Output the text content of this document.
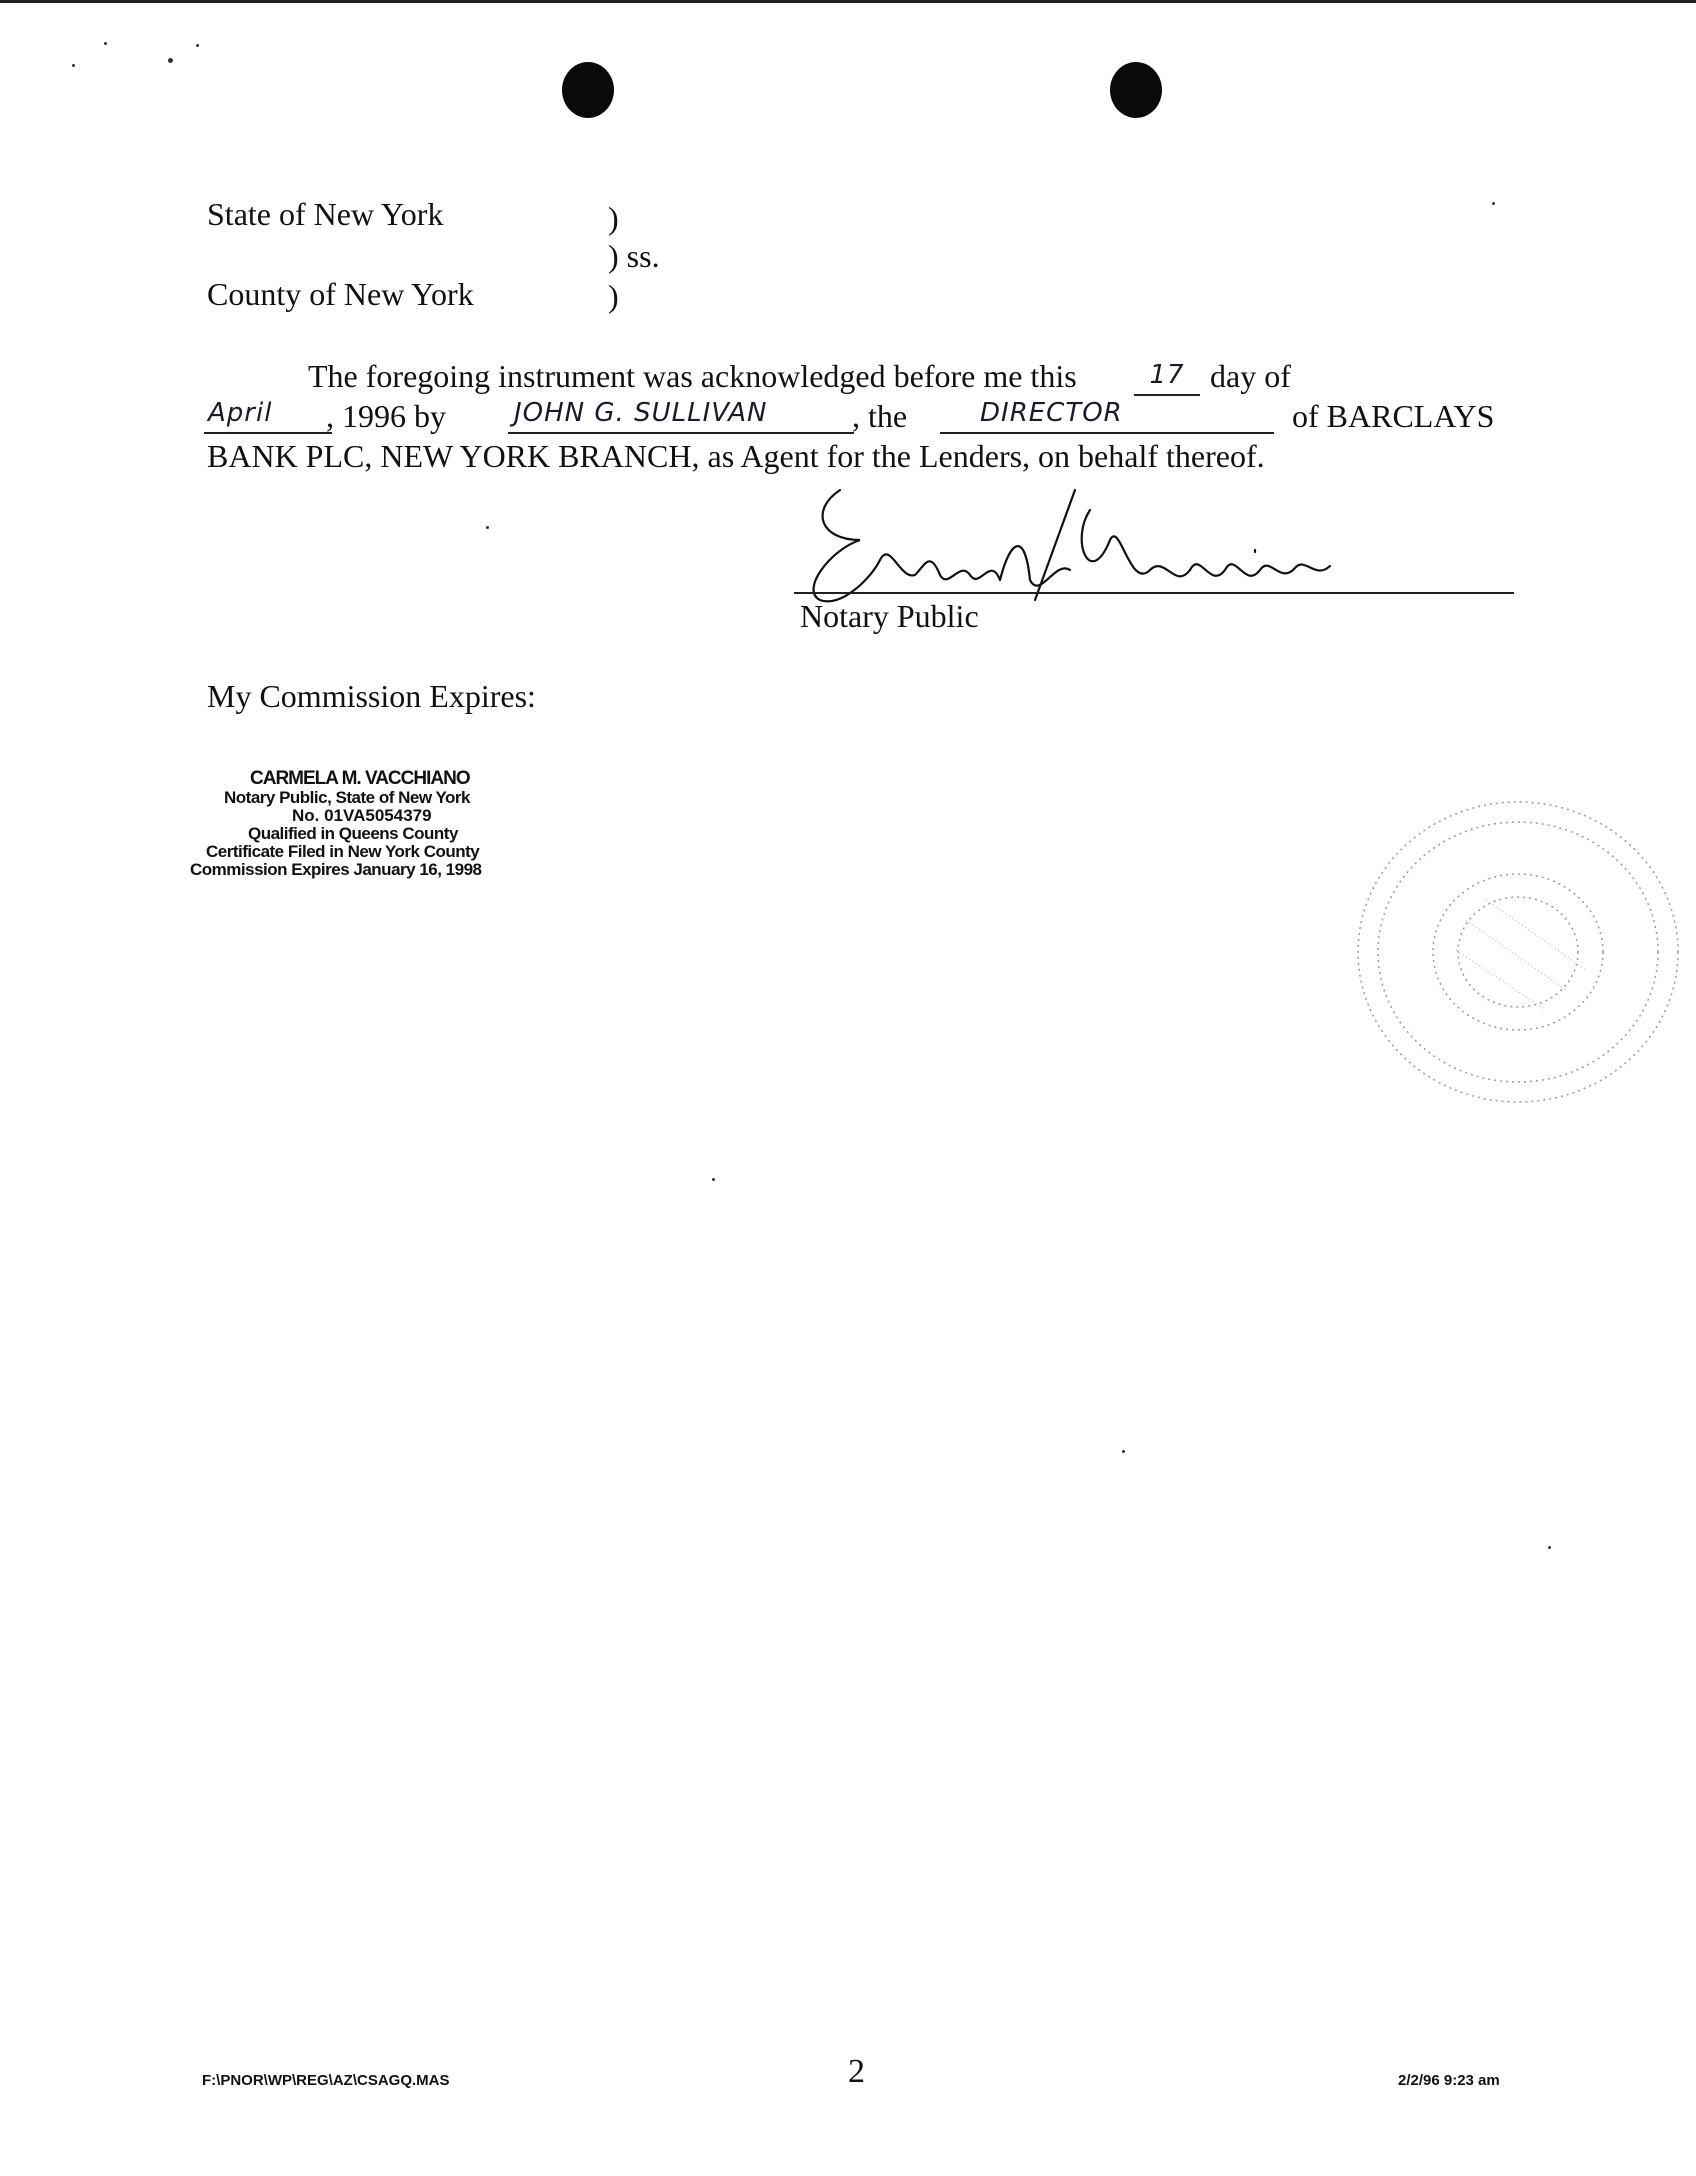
State of New York	)
) ss.
County of New York	)
The foregoing instrument was acknowledged before me this	17 day of
April	, 1996 by	JOHN G. SULLIVAN	, the	DIRECTOR	of BARCLAYS
BANK PLC, NEW YORK BRANCH, as Agent for the Lenders, on behalf thereof.
Notary Public
My Commission Expires:
CARMELA M. VACCHIANO
Notary Public, State of New York
No. 01VA5054379
Qualified in Queens County
Certificate Filed in New York County
Commission Expires January 16, 1998
F:\PNOR\WP\REG\AZ\CSAGQ.MAS	2	2/2/96 9:23 am
